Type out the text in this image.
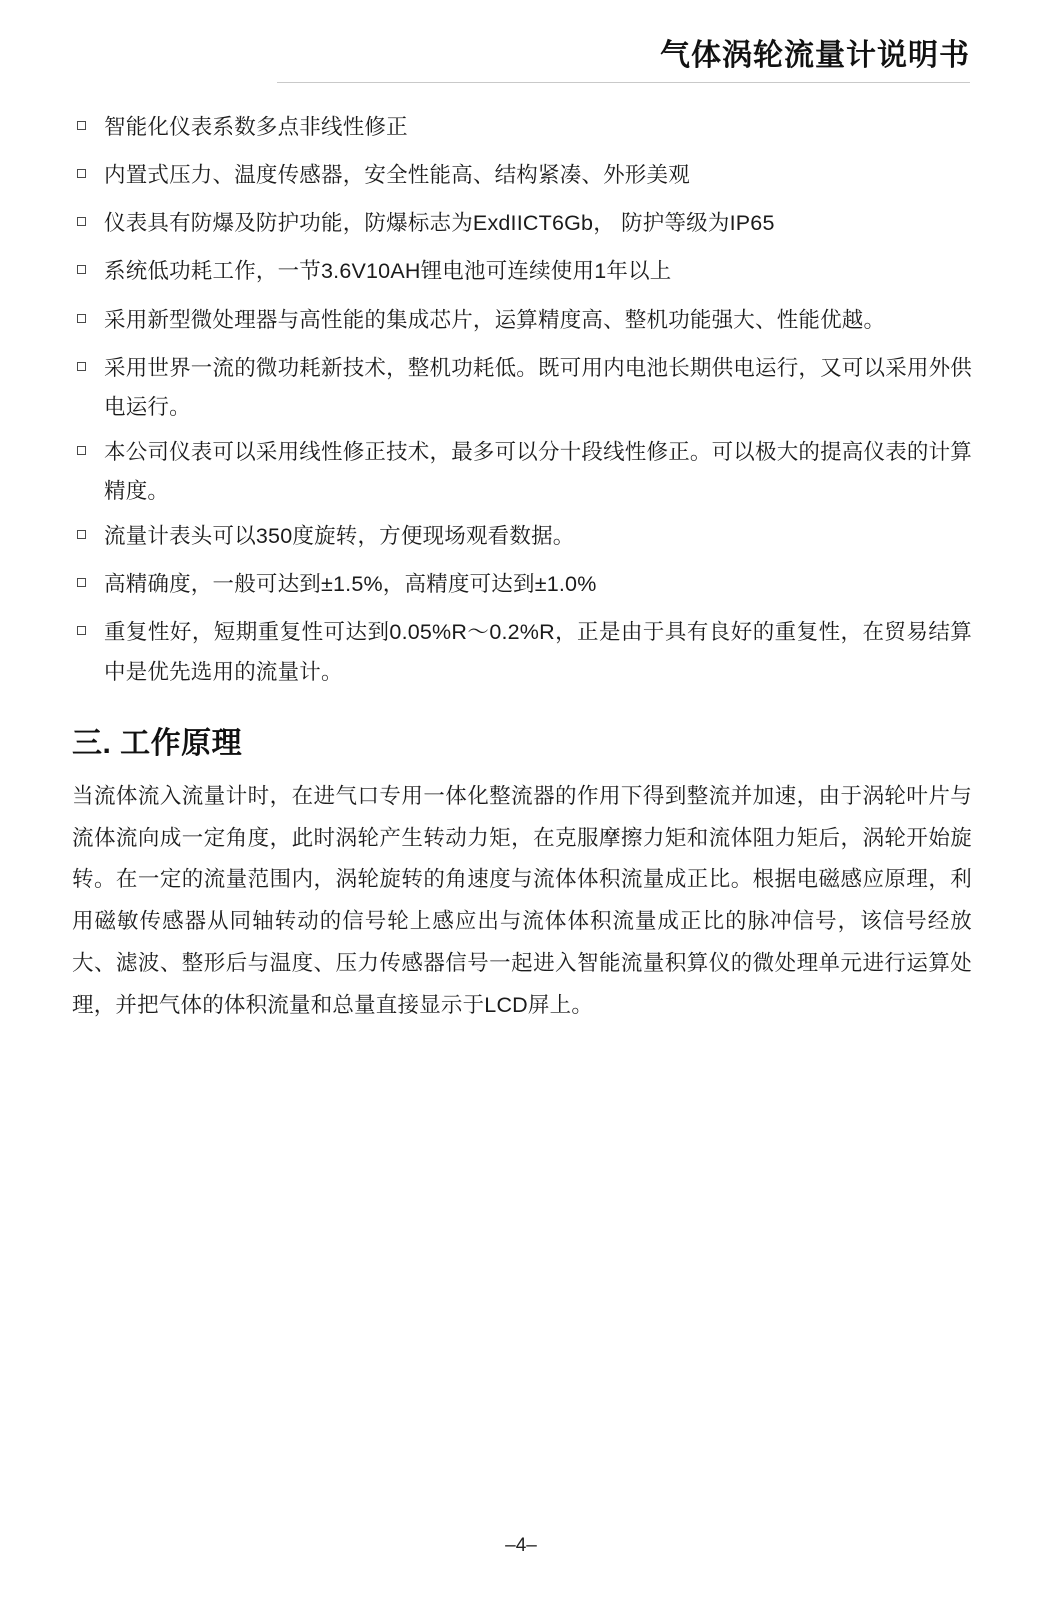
气体涡轮流量计说明书
智能化仪表系数多点非线性修正
内置式压力、温度传感器，安全性能高、结构紧凑、外形美观
仪表具有防爆及防护功能，防爆标志为ExdIICT6Gb， 防护等级为IP65
系统低功耗工作，一节3.6V10AH锂电池可连续使用1年以上
采用新型微处理器与高性能的集成芯片，运算精度高、整机功能强大、性能优越。
采用世界一流的微功耗新技术，整机功耗低。既可用内电池长期供电运行，又可以采用外供电运行。
本公司仪表可以采用线性修正技术，最多可以分十段线性修正。可以极大的提高仪表的计算精度。
流量计表头可以350度旋转，方便现场观看数据。
高精确度，一般可达到±1.5%，高精度可达到±1.0%
重复性好，短期重复性可达到0.05%R～0.2%R，正是由于具有良好的重复性，在贸易结算中是优先选用的流量计。
三. 工作原理

当流体流入流量计时，在进气口专用一体化整流器的作用下得到整流并加速，由于涡轮叶片与流体流向成一定角度，此时涡轮产生转动力矩，在克服摩擦力矩和流体阻力矩后，涡轮开始旋转。在一定的流量范围内，涡轮旋转的角速度与流体体积流量成正比。根据电磁感应原理，利用磁敏传感器从同轴转动的信号轮上感应出与流体体积流量成正比的脉冲信号，该信号经放大、滤波、整形后与温度、压力传感器信号一起进入智能流量积算仪的微处理单元进行运算处理，并把气体的体积流量和总量直接显示于LCD屏上。

–4–
